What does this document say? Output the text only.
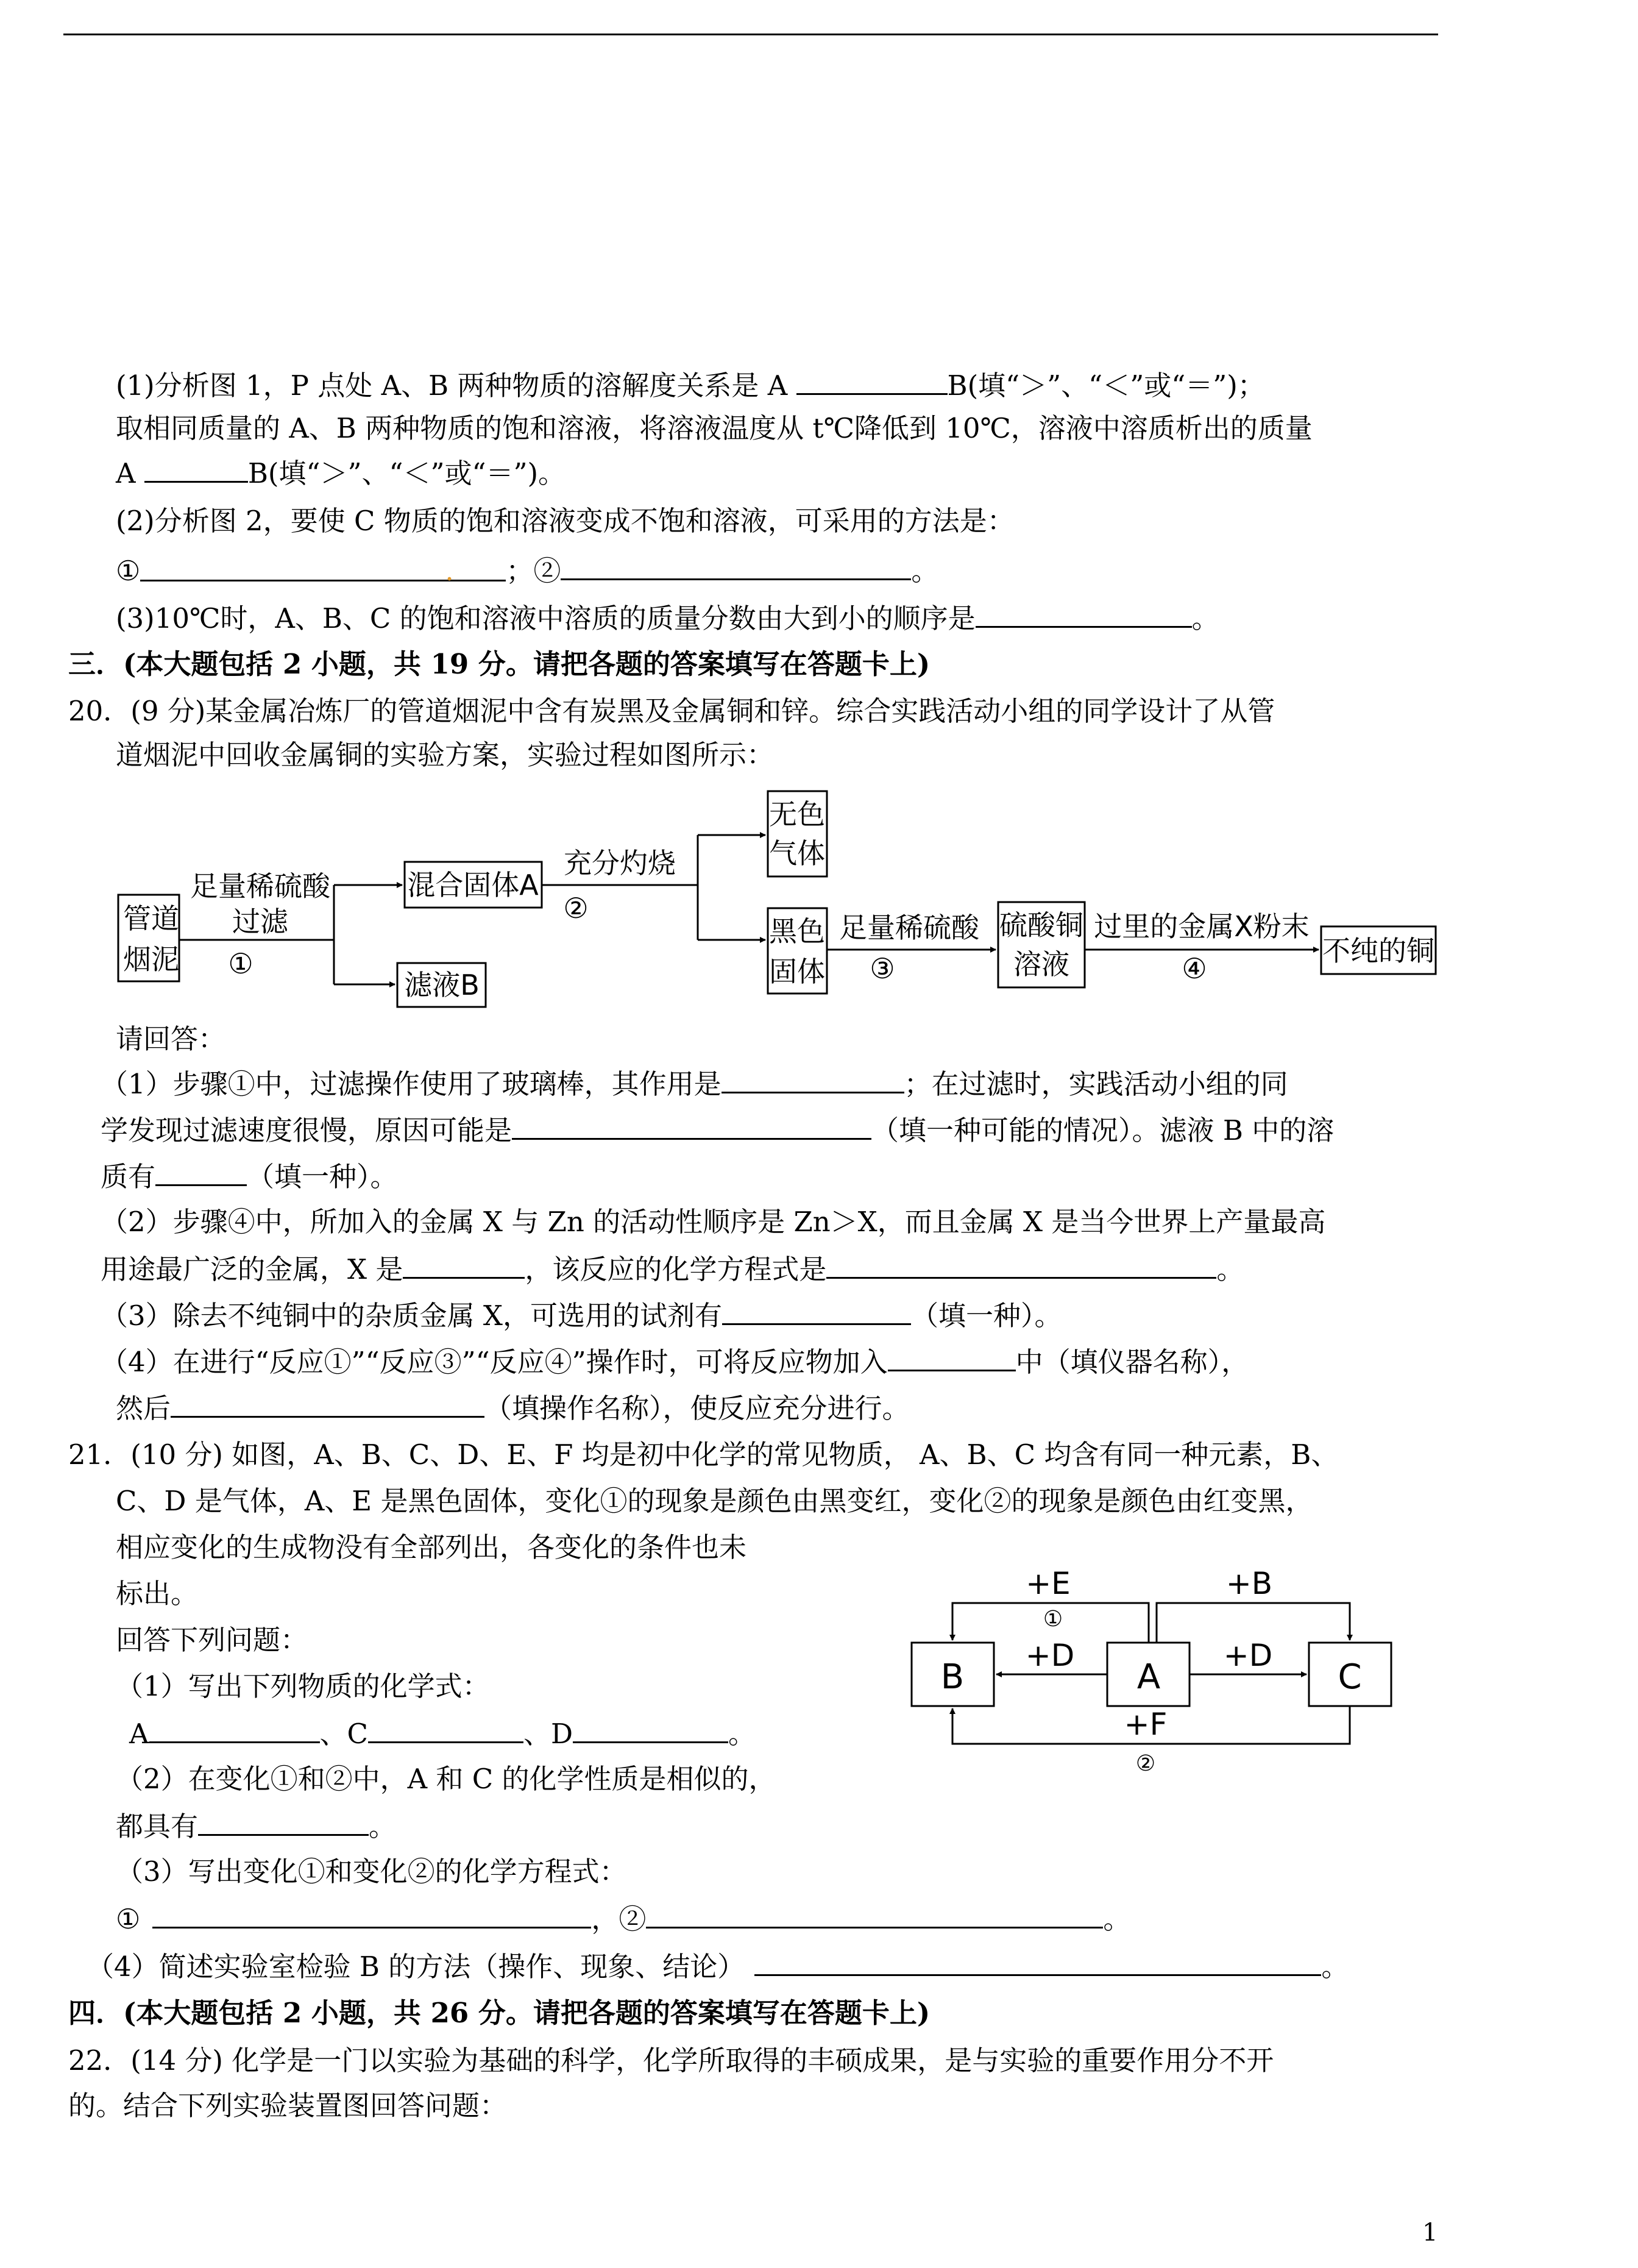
(1)分析图 1，P 点处 A、B 两种物质的溶解度关系是 A	B(填“＞”、“＜”或“＝”)；
取相同质量的 A、B 两种物质的饱和溶液，将溶液温度从 t℃降低到 10℃，溶液中溶质析出的质量
A	B(填“＞”、“＜”或“＝”)。
(2)分析图 2，要使 C 物质的饱和溶液变成不饱和溶液，可采用的方法是：
①	. ；②	。
(3)10℃时，A、B、C 的饱和溶液中溶质的质量分数由大到小的顺序是	。
三．(本大题包括 2 小题，共 19 分。请把各题的答案填写在答题卡上)
20．(9 分)某金属冶炼厂的管道烟泥中含有炭黑及金属铜和锌。综合实践活动小组的同学设计了从管
道烟泥中回收金属铜的实验方案，实验过程如图所示：
管道
烟泥
足量稀硫酸
过滤
①
混合固体A
滤液B
充分灼烧
②
无色
气体
黑色
固体
足量稀硫酸
③
硫酸铜
溶液
过里的金属X粉末
④
不纯的铜
请回答：
（1）步骤①中，过滤操作使用了玻璃棒，其作用是	；在过滤时，实践活动小组的同
学发现过滤速度很慢，原因可能是	（填一种可能的情况）。滤液 B 中的溶
质有	（填一种）。
（2）步骤④中，所加入的金属 X 与 Zn 的活动性顺序是 Zn＞X，而且金属 X 是当今世界上产量最高
用途最广泛的金属，X 是	，该反应的化学方程式是	。
（3）除去不纯铜中的杂质金属 X，可选用的试剂有	（填一种）。
（4）在进行“反应①”“反应③”“反应④”操作时，可将反应物加入	中（填仪器名称），
然后	（填操作名称），使反应充分进行。
21．(10 分) 如图，A、B、C、D、E、F 均是初中化学的常见物质， A、B、C 均含有同一种元素，B、
C、D 是气体，A、E 是黑色固体，变化①的现象是颜色由黑变红，变化②的现象是颜色由红变黑，
相应变化的生成物没有全部列出，各变化的条件也未
标出。
回答下列问题：
（1）写出下列物质的化学式：
A	、C	、D	。
（2）在变化①和②中，A 和 C 的化学性质是相似的，
都具有	。
（3）写出变化①和变化②的化学方程式：
①	，②	。
（4）简述实验室检验 B 的方法（操作、现象、结论）	。
B	A	C
+E
①
+D
+B
+D
+F
②
四．(本大题包括 2 小题，共 26 分。请把各题的答案填写在答题卡上)
22．(14 分) 化学是一门以实验为基础的科学，化学所取得的丰硕成果，是与实验的重要作用分不开
的。结合下列实验装置图回答问题：
1
